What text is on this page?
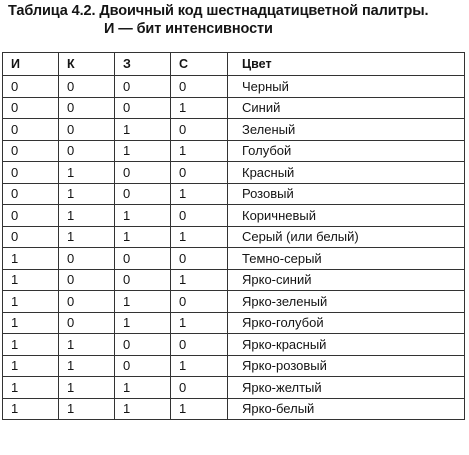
Таблица 4.2. Двоичный код шестнадцатицветной палитры.
И — бит интенсивности
И	К	З	С	Цвет
0	0	0	0	Черный
0	0	0	1	Синий
0	0	1	0	Зеленый
0	0	1	1	Голубой
0	1	0	0	Красный
0	1	0	1	Розовый
0	1	1	0	Коричневый
0	1	1	1	Серый (или белый)
1	0	0	0	Темно-серый
1	0	0	1	Ярко-синий
1	0	1	0	Ярко-зеленый
1	0	1	1	Ярко-голубой
1	1	0	0	Ярко-красный
1	1	0	1	Ярко-розовый
1	1	1	0	Ярко-желтый
1	1	1	1	Ярко-белый
